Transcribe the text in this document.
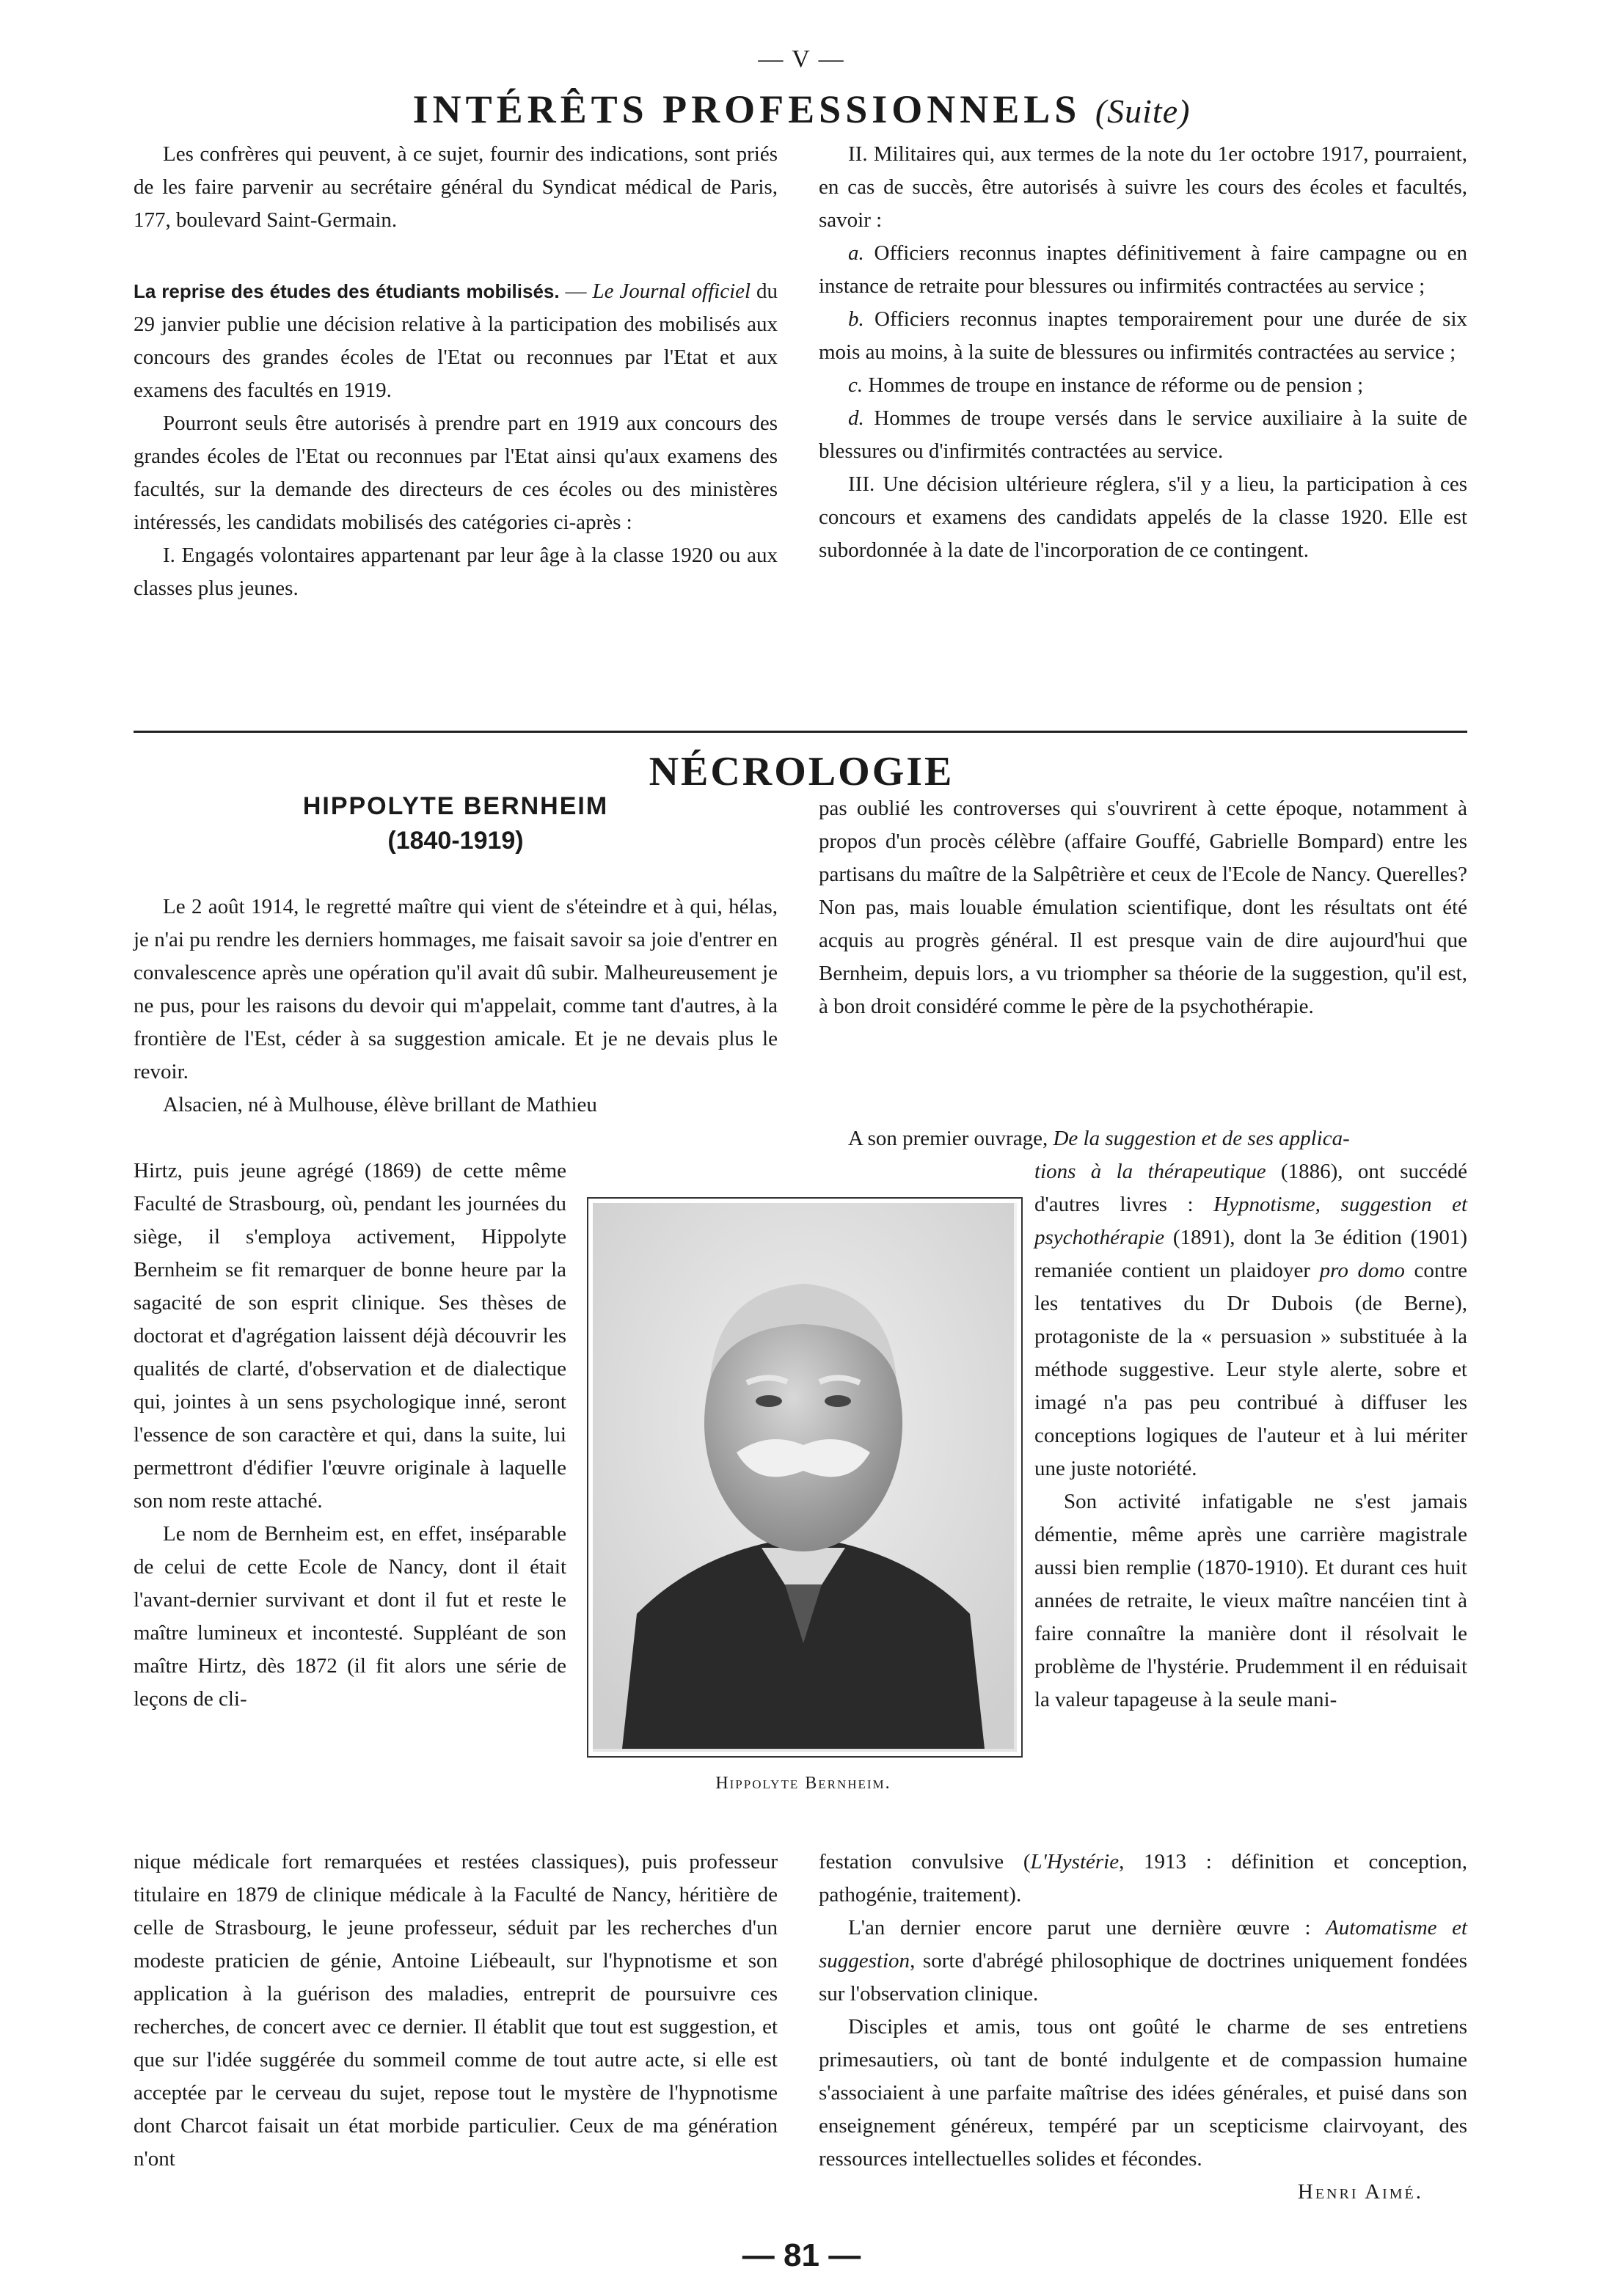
— V —
INTÉRÊTS PROFESSIONNELS (Suite)

Les confrères qui peuvent, à ce sujet, fournir des indications, sont priés de les faire parvenir au secrétaire général du Syndicat médical de Paris, 177, boulevard Saint-Germain.

La reprise des études des étudiants mobilisés. — Le Journal officiel du 29 janvier publie une décision relative à la participation des mobilisés aux concours des grandes écoles de l'Etat ou reconnues par l'Etat et aux examens des facultés en 1919.

Pourront seuls être autorisés à prendre part en 1919 aux concours des grandes écoles de l'Etat ou reconnues par l'Etat ainsi qu'aux examens des facultés, sur la demande des directeurs de ces écoles ou des ministères intéressés, les candidats mobilisés des catégories ci-après :

I. Engagés volontaires appartenant par leur âge à la classe 1920 ou aux classes plus jeunes.

II. Militaires qui, aux termes de la note du 1er octobre 1917, pourraient, en cas de succès, être autorisés à suivre les cours des écoles et facultés, savoir :

a. Officiers reconnus inaptes définitivement à faire campagne ou en instance de retraite pour blessures ou infirmités contractées au service ;

b. Officiers reconnus inaptes temporairement pour une durée de six mois au moins, à la suite de blessures ou infirmités contractées au service ;

c. Hommes de troupe en instance de réforme ou de pension ;

d. Hommes de troupe versés dans le service auxiliaire à la suite de blessures ou d'infirmités contractées au service.

III. Une décision ultérieure réglera, s'il y a lieu, la participation à ces concours et examens des candidats appelés de la classe 1920. Elle est subordonnée à la date de l'incorporation de ce contingent.

NÉCROLOGIE
HIPPOLYTE BERNHEIM
(1840-1919)

Le 2 août 1914, le regretté maître qui vient de s'éteindre et à qui, hélas, je n'ai pu rendre les derniers hommages, me faisait savoir sa joie d'entrer en convalescence après une opération qu'il avait dû subir. Malheureusement je ne pus, pour les raisons du devoir qui m'appelait, comme tant d'autres, à la frontière de l'Est, céder à sa suggestion amicale. Et je ne devais plus le revoir.

Alsacien, né à Mulhouse, élève brillant de Mathieu

Hirtz, puis jeune agrégé (1869) de cette même Faculté de Strasbourg, où, pendant les journées du siège, il s'employa activement, Hippolyte Bernheim se fit remarquer de bonne heure par la sagacité de son esprit clinique. Ses thèses de doctorat et d'agrégation laissent déjà découvrir les qualités de clarté, d'observation et de dialectique qui, jointes à un sens psychologique inné, seront l'essence de son caractère et qui, dans la suite, lui permettront d'édifier l'œuvre originale à laquelle son nom reste attaché.

Le nom de Bernheim est, en effet, inséparable de celui de cette Ecole de Nancy, dont il était l'avant-dernier survivant et dont il fut et reste le maître lumineux et incontesté. Suppléant de son maître Hirtz, dès 1872 (il fit alors une série de leçons de cli-

nique médicale fort remarquées et restées classiques), puis professeur titulaire en 1879 de clinique médicale à la Faculté de Nancy, héritière de celle de Strasbourg, le jeune professeur, séduit par les recherches d'un modeste praticien de génie, Antoine Liébeault, sur l'hypnotisme et son application à la guérison des maladies, entreprit de poursuivre ces recherches, de concert avec ce dernier. Il établit que tout est suggestion, et que sur l'idée suggérée du sommeil comme de tout autre acte, si elle est acceptée par le cerveau du sujet, repose tout le mystère de l'hypnotisme dont Charcot faisait un état morbide particulier. Ceux de ma génération n'ont

pas oublié les controverses qui s'ouvrirent à cette époque, notamment à propos d'un procès célèbre (affaire Gouffé, Gabrielle Bompard) entre les partisans du maître de la Salpêtrière et ceux de l'Ecole de Nancy. Querelles? Non pas, mais louable émulation scientifique, dont les résultats ont été acquis au progrès général. Il est presque vain de dire aujourd'hui que Bernheim, depuis lors, a vu triompher sa théorie de la suggestion, qu'il est, à bon droit considéré comme le père de la psychothérapie.

A son premier ouvrage, De la suggestion et de ses applica-

tions à la thérapeutique (1886), ont succédé d'autres livres : Hypnotisme, suggestion et psychothérapie (1891), dont la 3e édition (1901) remaniée contient un plaidoyer pro domo contre les tentatives du Dr Dubois (de Berne), protagoniste de la « persuasion » substituée à la méthode suggestive. Leur style alerte, sobre et imagé n'a pas peu contribué à diffuser les conceptions logiques de l'auteur et à lui mériter une juste notoriété.

Son activité infatigable ne s'est jamais démentie, même après une carrière magistrale aussi bien remplie (1870-1910). Et durant ces huit années de retraite, le vieux maître nancéien tint à faire connaître la manière dont il résolvait le problème de l'hystérie. Prudemment il en réduisait la valeur tapageuse à la seule mani-

festation convulsive (L'Hystérie, 1913 : définition et conception, pathogénie, traitement).

L'an dernier encore parut une dernière œuvre : Automatisme et suggestion, sorte d'abrégé philosophique de doctrines uniquement fondées sur l'observation clinique.

Disciples et amis, tous ont goûté le charme de ses entretiens primesautiers, où tant de bonté indulgente et de compassion humaine s'associaient à une parfaite maîtrise des idées générales, et puisé dans son enseignement généreux, tempéré par un scepticisme clairvoyant, des ressources intellectuelles solides et fécondes.

Henri Aimé.
Hippolyte Bernheim.
— 81 —
